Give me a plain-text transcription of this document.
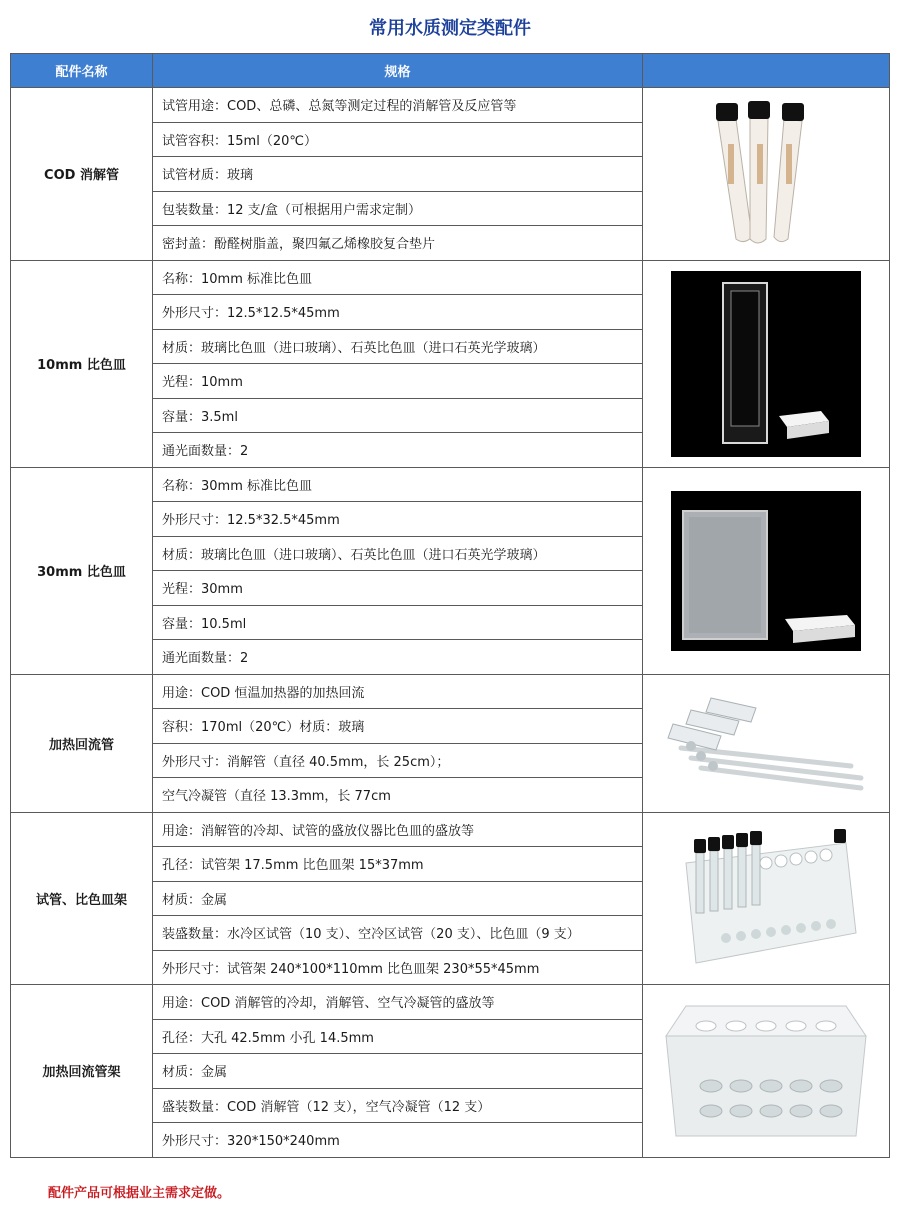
常用水质测定类配件
配件名称	规格	
COD 消解管	试管用途：COD、总磷、总氮等测定过程的消解管及反应管等	

	试管容积：15ml（20℃）	
	试管材质：玻璃	
	包装数量：12 支/盒（可根据用户需求定制）	
	密封盖：酚醛树脂盖，聚四氟乙烯橡胶复合垫片	
10mm 比色皿	名称：10mm 标准比色皿	

	外形尺寸：12.5*12.5*45mm	
	材质：玻璃比色皿（进口玻璃）、石英比色皿（进口石英光学玻璃）	
	光程：10mm	
	容量：3.5ml	
	通光面数量：2	
30mm 比色皿	名称：30mm 标准比色皿	

	外形尺寸：12.5*32.5*45mm	
	材质：玻璃比色皿（进口玻璃）、石英比色皿（进口石英光学玻璃）	
	光程：30mm	
	容量：10.5ml	
	通光面数量：2	
加热回流管	用途：COD 恒温加热器的加热回流	

	容积：170ml（20℃）材质：玻璃	
	外形尺寸：消解管（直径 40.5mm，长 25cm）；	
	空气冷凝管（直径 13.3mm，长 77cm	
试管、比色皿架	用途：消解管的冷却、试管的盛放仪器比色皿的盛放等	

	孔径：试管架 17.5mm 比色皿架 15*37mm	
	材质：金属	
	装盛数量：水冷区试管（10 支）、空冷区试管（20 支）、比色皿（9 支）	
	外形尺寸：试管架 240*100*110mm 比色皿架 230*55*45mm	
加热回流管架	用途：COD 消解管的冷却，消解管、空气冷凝管的盛放等	

	孔径：大孔 42.5mm 小孔 14.5mm	
	材质：金属	
	盛装数量：COD 消解管（12 支），空气冷凝管（12 支）	
	外形尺寸：320*150*240mm	
配件产品可根据业主需求定做。
